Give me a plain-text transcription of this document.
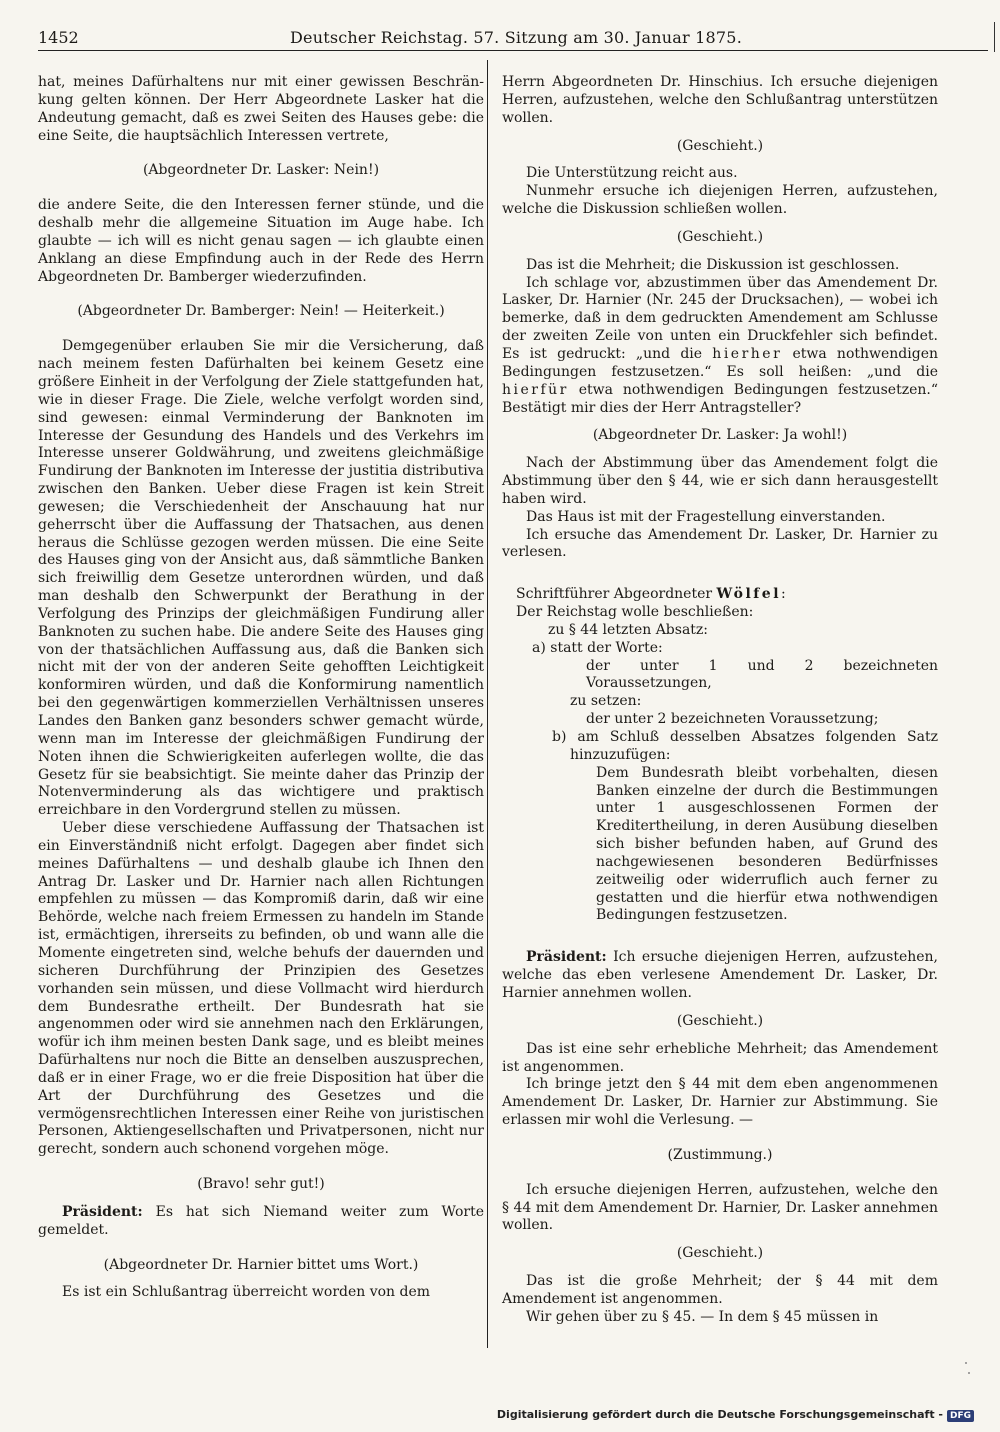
1452	Deutscher Reichstag. 57. Sitzung am 30. Januar 1875.

hat, meines Dafürhaltens nur mit einer gewissen Beschrän-kung gelten können. Der Herr Abgeordnete Lasker hat die Andeutung gemacht, daß es zwei Seiten des Hauses gebe: die eine Seite, die hauptsächlich Interessen vertrete,

(Abgeordneter Dr. Lasker: Nein!)

die andere Seite, die den Interessen ferner stünde, und die deshalb mehr die allgemeine Situation im Auge habe. Ich glaubte — ich will es nicht genau sagen — ich glaubte einen Anklang an diese Empfindung auch in der Rede des Herrn Abgeordneten Dr. Bamberger wiederzufinden.

(Abgeordneter Dr. Bamberger: Nein! — Heiterkeit.)

Demgegenüber erlauben Sie mir die Versicherung, daß nach meinem festen Dafürhalten bei keinem Gesetz eine größere Einheit in der Verfolgung der Ziele stattgefunden hat, wie in dieser Frage. Die Ziele, welche verfolgt worden sind, sind gewesen: einmal Verminderung der Banknoten im Interesse der Gesundung des Handels und des Verkehrs im Interesse unserer Goldwährung, und zweitens gleichmäßige Fundirung der Banknoten im Interesse der justitia distributiva zwischen den Banken. Ueber diese Fragen ist kein Streit gewesen; die Verschiedenheit der Anschauung hat nur geherrscht über die Auffassung der Thatsachen, aus denen heraus die Schlüsse gezogen werden müssen. Die eine Seite des Hauses ging von der Ansicht aus, daß sämmtliche Banken sich freiwillig dem Gesetze unterordnen würden, und daß man deshalb den Schwerpunkt der Berathung in der Verfolgung des Prinzips der gleichmäßigen Fundirung aller Banknoten zu suchen habe. Die andere Seite des Hauses ging von der thatsächlichen Auffassung aus, daß die Banken sich nicht mit der von der anderen Seite gehofften Leichtigkeit konformiren würden, und daß die Konformirung namentlich bei den gegenwärtigen kommerziellen Verhältnissen unseres Landes den Banken ganz besonders schwer gemacht würde, wenn man im Interesse der gleichmäßigen Fundirung der Noten ihnen die Schwierigkeiten auferlegen wollte, die das Gesetz für sie beabsichtigt. Sie meinte daher das Prinzip der Notenverminderung als das wichtigere und praktisch erreichbare in den Vordergrund stellen zu müssen.

Ueber diese verschiedene Auffassung der Thatsachen ist ein Einverständniß nicht erfolgt. Dagegen aber findet sich meines Dafürhaltens — und deshalb glaube ich Ihnen den Antrag Dr. Lasker und Dr. Harnier nach allen Richtungen empfehlen zu müssen — das Kompromiß darin, daß wir eine Behörde, welche nach freiem Ermessen zu handeln im Stande ist, ermächtigen, ihrerseits zu befinden, ob und wann alle die Momente eingetreten sind, welche behufs der dauernden und sicheren Durchführung der Prinzipien des Gesetzes vorhanden sein müssen, und diese Vollmacht wird hierdurch dem Bundesrathe ertheilt. Der Bundesrath hat sie angenommen oder wird sie annehmen nach den Erklärungen, wofür ich ihm meinen besten Dank sage, und es bleibt meines Dafürhaltens nur noch die Bitte an denselben auszusprechen, daß er in einer Frage, wo er die freie Disposition hat über die Art der Durchführung des Gesetzes und die vermögensrechtlichen Interessen einer Reihe von juristischen Personen, Aktiengesellschaften und Privatpersonen, nicht nur gerecht, sondern auch schonend vorgehen möge.

(Bravo! sehr gut!)

Präsident: Es hat sich Niemand weiter zum Worte gemeldet.

(Abgeordneter Dr. Harnier bittet ums Wort.)

Es ist ein Schlußantrag überreicht worden von dem

Herrn Abgeordneten Dr. Hinschius. Ich ersuche diejenigen Herren, aufzustehen, welche den Schlußantrag unterstützen wollen.

(Geschieht.)

Die Unterstützung reicht aus.

Nunmehr ersuche ich diejenigen Herren, aufzustehen, welche die Diskussion schließen wollen.

(Geschieht.)

Das ist die Mehrheit; die Diskussion ist geschlossen.

Ich schlage vor, abzustimmen über das Amendement Dr. Lasker, Dr. Harnier (Nr. 245 der Drucksachen), — wobei ich bemerke, daß in dem gedruckten Amendement am Schlusse der zweiten Zeile von unten ein Druckfehler sich befindet. Es ist gedruckt: „und die hierher etwa nothwendigen Bedingungen festzusetzen.“ Es soll heißen: „und die hierfür etwa nothwendigen Bedingungen festzusetzen.“ Bestätigt mir dies der Herr Antragsteller?

(Abgeordneter Dr. Lasker: Ja wohl!)

Nach der Abstimmung über das Amendement folgt die Abstimmung über den § 44, wie er sich dann herausgestellt haben wird.

Das Haus ist mit der Fragestellung einverstanden.

Ich ersuche das Amendement Dr. Lasker, Dr. Harnier zu verlesen.

Schriftführer Abgeordneter Wölfel:

Der Reichstag wolle beschließen:

zu § 44 letzten Absatz:

a) statt der Worte:

der unter 1 und 2 bezeichneten Voraussetzungen,

zu setzen:

der unter 2 bezeichneten Voraussetzung;

b) am Schluß desselben Absatzes folgenden Satz hinzuzufügen:

Dem Bundesrath bleibt vorbehalten, diesen Banken einzelne der durch die Bestimmungen unter 1 ausgeschlossenen Formen der Kreditertheilung, in deren Ausübung dieselben sich bisher befunden haben, auf Grund des nachgewiesenen besonderen Bedürfnisses zeitweilig oder widerruflich auch ferner zu gestatten und die hierfür etwa nothwendigen Bedingungen festzusetzen.

Präsident: Ich ersuche diejenigen Herren, aufzustehen, welche das eben verlesene Amendement Dr. Lasker, Dr. Harnier annehmen wollen.

(Geschieht.)

Das ist eine sehr erhebliche Mehrheit; das Amendement ist angenommen.

Ich bringe jetzt den § 44 mit dem eben angenommenen Amendement Dr. Lasker, Dr. Harnier zur Abstimmung. Sie erlassen mir wohl die Verlesung. —

(Zustimmung.)

Ich ersuche diejenigen Herren, aufzustehen, welche den § 44 mit dem Amendement Dr. Harnier, Dr. Lasker annehmen wollen.

(Geschieht.)

Das ist die große Mehrheit; der § 44 mit dem Amendement ist angenommen.

Wir gehen über zu § 45. — In dem § 45 müssen in

Digitalisierung gefördert durch die Deutsche Forschungsgemeinschaft - DFG
